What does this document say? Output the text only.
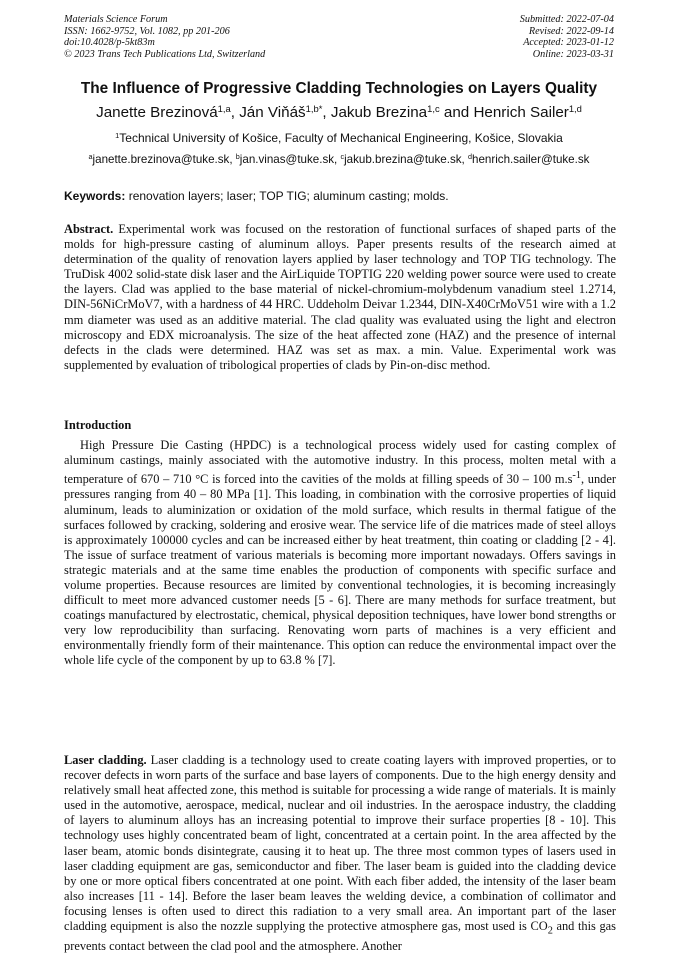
Materials Science Forum
ISSN: 1662-9752, Vol. 1082, pp 201-206
doi:10.4028/p-5kt83m
© 2023 Trans Tech Publications Ltd, Switzerland
Submitted: 2022-07-04
Revised: 2022-09-14
Accepted: 2023-01-12
Online: 2023-03-31
The Influence of Progressive Cladding Technologies on Layers Quality
Janette Brezinová$^{1,a}$, Ján Viňáš$^{1,b*}$, Jakub Brezina$^{1,c}$ and Henrich Sailer$^{1,d}$
$^1$Technical University of Košice, Faculty of Mechanical Engineering, Košice, Slovakia
$^a$janette.brezinova@tuke.sk, $^b$jan.vinas@tuke.sk, $^c$jakub.brezina@tuke.sk, $^d$henrich.sailer@tuke.sk
Keywords: renovation layers; laser; TOP TIG; aluminum casting; molds.
Abstract. Experimental work was focused on the restoration of functional surfaces of shaped parts of the molds for high-pressure casting of aluminum alloys. Paper presents results of the research aimed at determination of the quality of renovation layers applied by laser technology and TOP TIG technology. The TruDisk 4002 solid-state disk laser and the AirLiquide TOPTIG 220 welding power source were used to create the layers. Clad was applied to the base material of nickel-chromium-molybdenum vanadium steel 1.2714, DIN-56NiCrMoV7, with a hardness of 44 HRC. Uddeholm Deivar 1.2344, DIN-X40CrMoV51 wire with a 1.2 mm diameter was used as an additive material. The clad quality was evaluated using the light and electron microscopy and EDX microanalysis. The size of the heat affected zone (HAZ) and the presence of internal defects in the clads were determined. HAZ was set as max. a min. Value. Experimental work was supplemented by evaluation of tribological properties of clads by Pin-on-disc method.
Introduction
High Pressure Die Casting (HPDC) is a technological process widely used for casting complex of aluminum castings, mainly associated with the automotive industry. In this process, molten metal with a temperature of 670 – 710 °C is forced into the cavities of the molds at filling speeds of 30 – 100 $m.s^{-1}$, under pressures ranging from 40 – 80 MPa [1]. This loading, in combination with the corrosive properties of liquid aluminum, leads to aluminization or oxidation of the mold surface, which results in thermal fatigue of the surfaces followed by cracking, soldering and erosive wear. The service life of die matrices made of steel alloys is approximately 100000 cycles and can be increased either by heat treatment, thin coating or cladding [2 - 4]. The issue of surface treatment of various materials is becoming more important nowadays. Offers savings in strategic materials and at the same time enables the production of components with specific surface and volume properties. Because resources are limited by conventional technologies, it is becoming increasingly difficult to meet more advanced customer needs [5 - 6]. There are many methods for surface treatment, but coatings manufactured by electrostatic, chemical, physical deposition techniques, have lower bond strengths or very low reproducibility than surfacing. Renovating worn parts of machines is a very efficient and environmentally friendly form of their maintenance. This option can reduce the environmental impact over the whole life cycle of the component by up to 63.8 % [7].
Laser cladding. Laser cladding is a technology used to create coating layers with improved properties, or to recover defects in worn parts of the surface and base layers of components. Due to the high energy density and relatively small heat affected zone, this method is suitable for processing a wide range of materials. It is mainly used in the automotive, aerospace, medical, nuclear and oil industries. In the aerospace industry, the cladding of layers to aluminum alloys has an increasing potential to improve their surface properties [8 - 10]. This technology uses highly concentrated beam of light, concentrated at a certain point. In the area affected by the laser beam, atomic bonds disintegrate, causing it to heat up. The three most common types of lasers used in laser cladding equipment are gas, semiconductor and fiber. The laser beam is guided into the cladding device by one or more optical fibers concentrated at one point. With each fiber added, the intensity of the laser beam also increases [11 - 14]. Before the laser beam leaves the welding device, a combination of collimator and focusing lenses is often used to direct this radiation to a very small area. An important part of the laser cladding equipment is also the nozzle supplying the protective atmosphere gas, most used is $CO_2$ and this gas prevents contact between the clad pool and the atmosphere. Another
